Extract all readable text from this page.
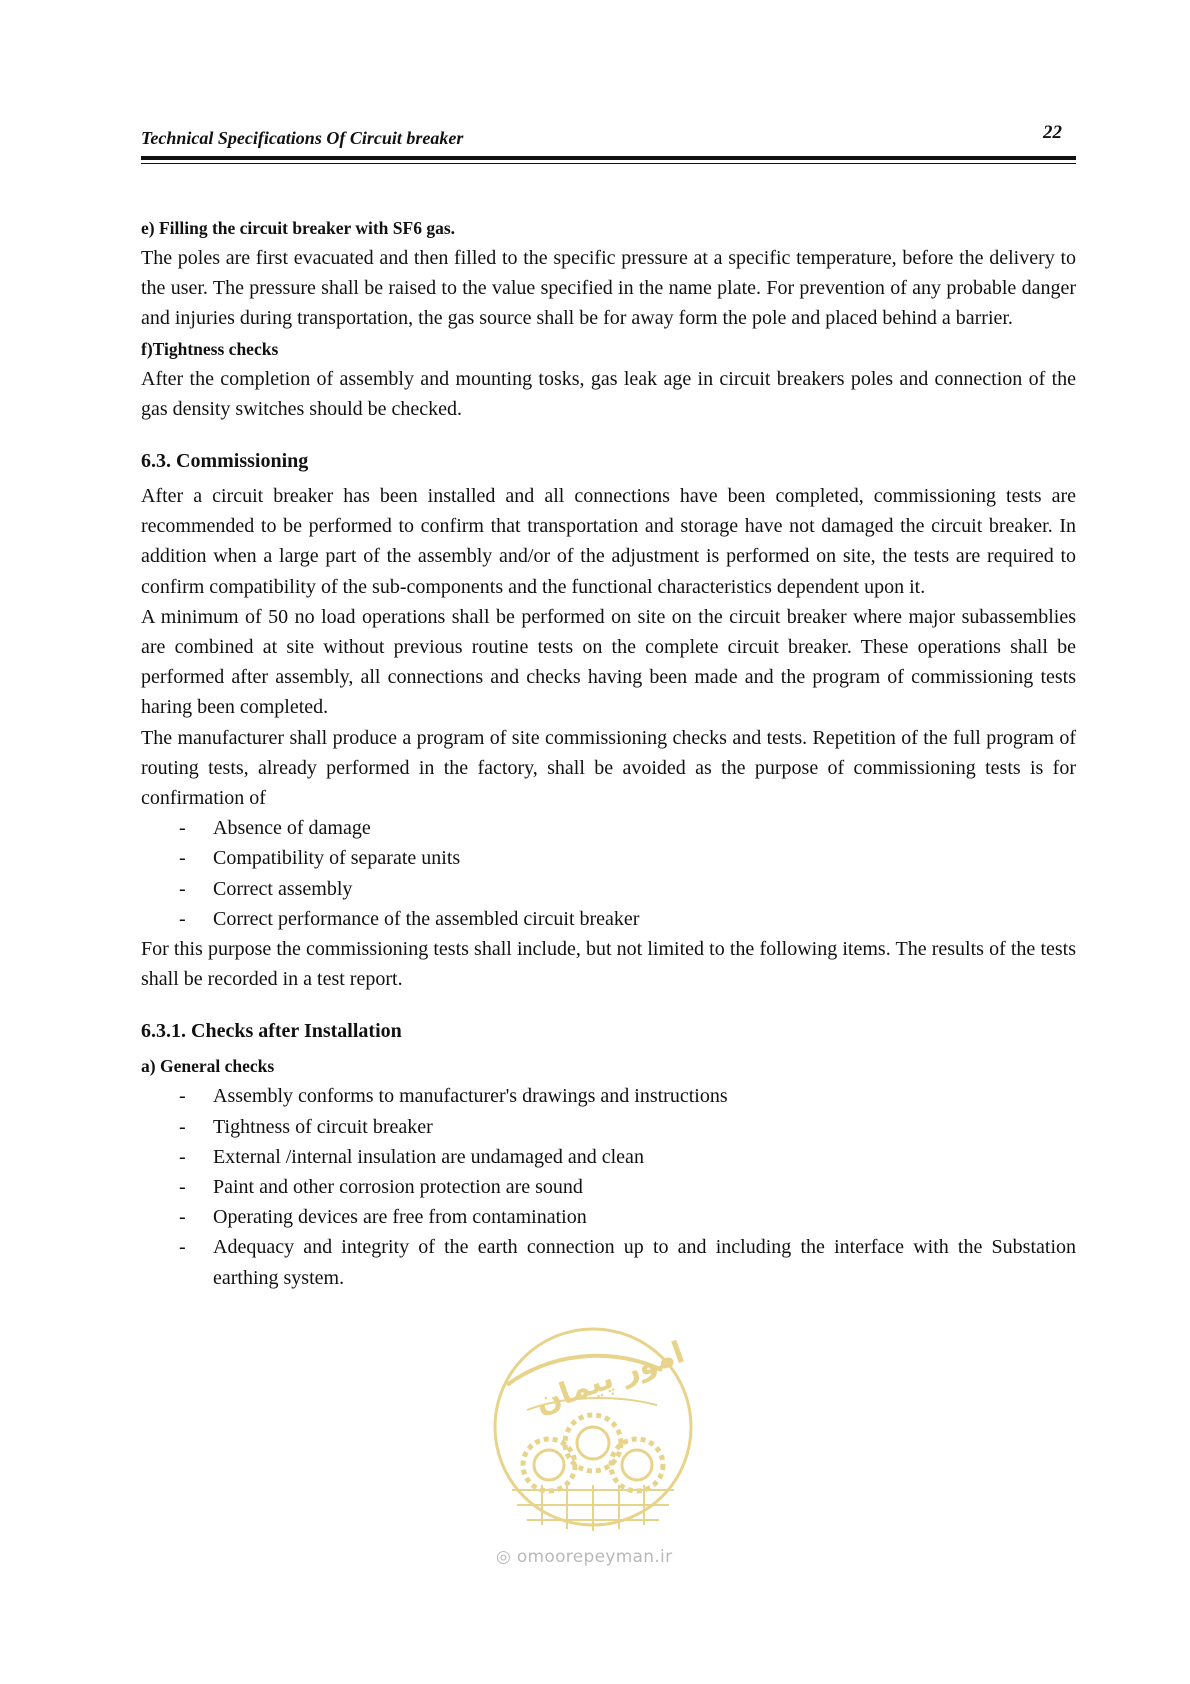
Technical Specifications Of Circuit breaker	22
e) Filling the circuit breaker with SF6 gas.

The poles are first evacuated and then filled to the specific pressure at a specific temperature, before the delivery to the user. The pressure shall be raised to the value specified in the name plate. For prevention of any probable danger and injuries during transportation, the gas source shall be for away form the pole and placed behind a barrier.

f)Tightness checks

After the completion of assembly and mounting tosks, gas leak age in circuit breakers poles and connection of the gas density switches should be checked.

6.3. Commissioning

After a circuit breaker has been installed and all connections have been completed, commissioning tests are recommended to be performed to confirm that transportation and storage have not damaged the circuit breaker. In addition when a large part of the assembly and/or of the adjustment is performed on site, the tests are required to confirm compatibility of the sub-components and the functional characteristics dependent upon it.

A minimum of 50 no load operations shall be performed on site on the circuit breaker where major subassemblies are combined at site without previous routine tests on the complete circuit breaker. These operations shall be performed after assembly, all connections and checks having been made and the program of commissioning tests haring been completed.

The manufacturer shall produce a program of site commissioning checks and tests. Repetition of the full program of routing tests, already performed in the factory, shall be avoided as the purpose of commissioning tests is for confirmation of

- Absence of damage
- Compatibility of separate units
- Correct assembly
- Correct performance of the assembled circuit breaker

For this purpose the commissioning tests shall include, but not limited to the following items. The results of the tests shall be recorded in a test report.

6.3.1. Checks after Installation
a) General checks
- Assembly conforms to manufacturer's drawings and instructions
- Tightness of circuit breaker
- External /internal insulation are undamaged and clean
- Paint and other corrosion protection are sound
- Operating devices are free from contamination
- Adequacy and integrity of the earth connection up to and including the interface with the Substation earthing system.
امور پیمان
◎ omoorepeyman.ir
